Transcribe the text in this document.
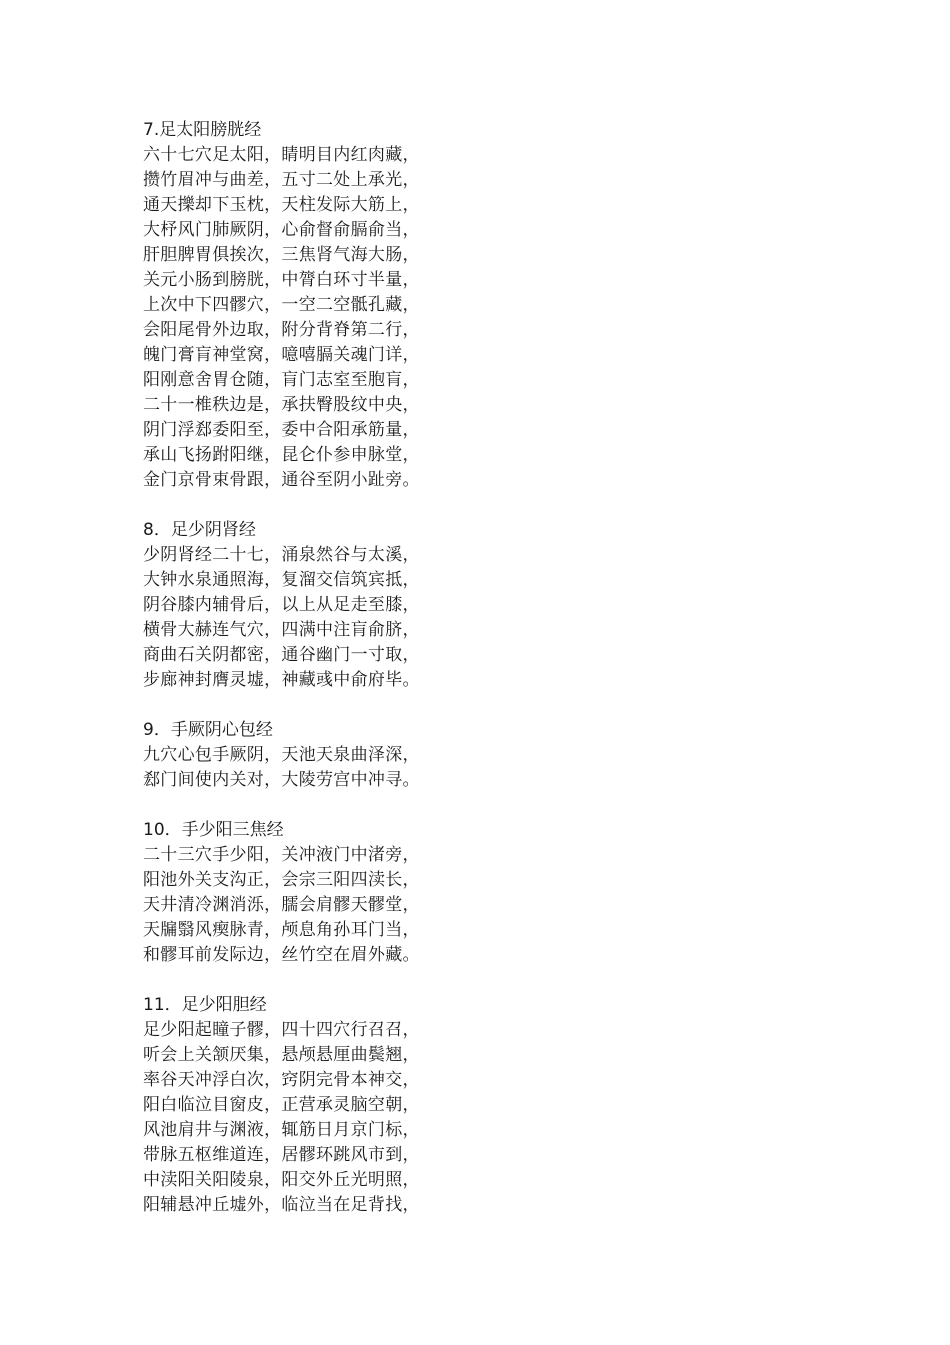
7.足太阳膀胱经
六十七穴足太阳，睛明目内红肉藏，
攒竹眉冲与曲差，五寸二处上承光，
通天擽却下玉枕，天柱发际大筋上，
大杼风门肺厥阴，心俞督俞膈俞当，
肝胆脾胃俱挨次，三焦肾气海大肠，
关元小肠到膀胱，中膂白环寸半量，
上次中下四髎穴，一空二空骶孔藏，
会阳尾骨外边取，附分背脊第二行，
魄门膏肓神堂窝，噫嘻膈关魂门详，
阳刚意舍胃仓随，肓门志室至胞肓，
二十一椎秩边是，承扶臀股纹中央，
阴门浮郄委阳至，委中合阳承筋量，
承山飞扬跗阳继，昆仑仆参申脉堂，
金门京骨束骨跟，通谷至阴小趾旁。
8．足少阴肾经
少阴肾经二十七，涌泉然谷与太溪，
大钟水泉通照海，复溜交信筑宾抵，
阴谷膝内辅骨后，以上从足走至膝，
横骨大赫连气穴，四满中注肓俞脐，
商曲石关阴都密，通谷幽门一寸取，
步廊神封膺灵墟，神藏彧中俞府毕。
9．手厥阴心包经
九穴心包手厥阴，天池天泉曲泽深，
郄门间使内关对，大陵劳宫中冲寻。
10．手少阳三焦经
二十三穴手少阳，关冲液门中渚旁，
阳池外关支沟正，会宗三阳四渎长，
天井清冷渊消泺，臑会肩髎天髎堂，
天牖翳风瘈脉青，颅息角孙耳门当，
和髎耳前发际边，丝竹空在眉外藏。
11．足少阳胆经
足少阳起瞳子髎，四十四穴行召召，
听会上关颔厌集，悬颅悬厘曲鬓翘，
率谷天冲浮白次，窍阴完骨本神交，
阳白临泣目窗皮，正营承灵脑空朝，
风池肩井与渊液，辄筋日月京门标，
带脉五枢维道连，居髎环跳风市到，
中渎阳关阳陵泉，阳交外丘光明照，
阳辅悬冲丘墟外，临泣当在足背找，
